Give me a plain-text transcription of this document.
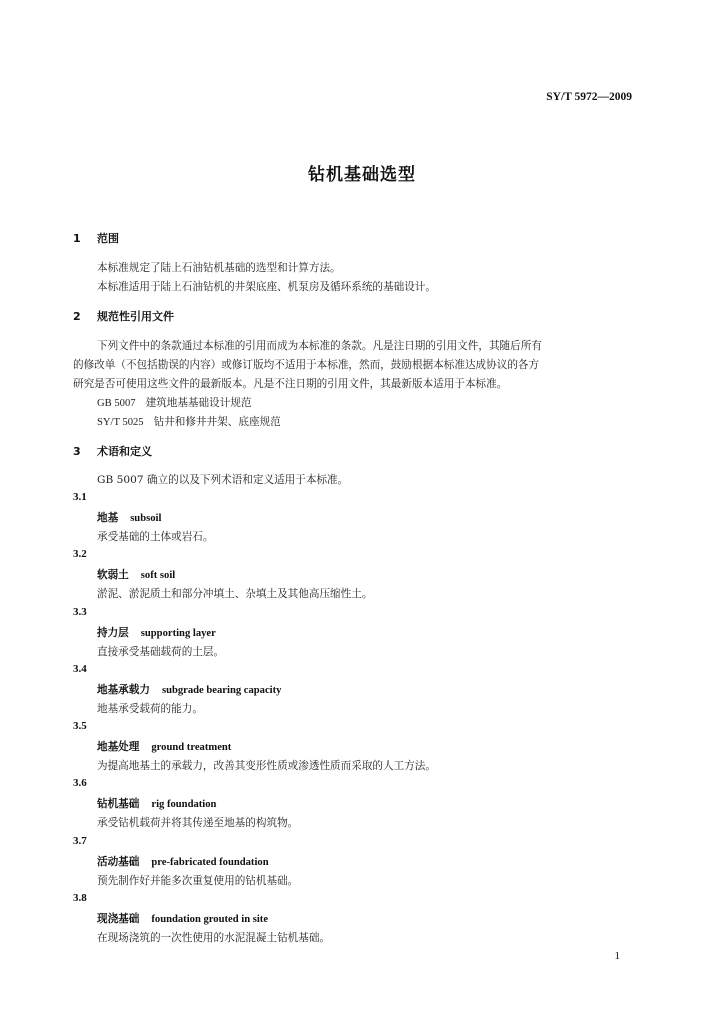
SY/T 5972—2009
钻机基础选型
1 范围
本标准规定了陆上石油钻机基础的选型和计算方法。
本标准适用于陆上石油钻机的井架底座、机泵房及循环系统的基础设计。
2 规范性引用文件
下列文件中的条款通过本标准的引用而成为本标准的条款。凡是注日期的引用文件，其随后所有
的修改单（不包括勘误的内容）或修订版均不适用于本标准，然而，鼓励根据本标准达成协议的各方
研究是否可使用这些文件的最新版本。凡是不注日期的引用文件，其最新版本适用于本标准。
GB 5007 建筑地基基础设计规范
SY/T 5025 钻井和修井井架、底座规范
3 术语和定义
GB 5007 确立的以及下列术语和定义适用于本标准。
3.1
地基 subsoil
承受基础的土体或岩石。
3.2
软弱土 soft soil
淤泥、淤泥质土和部分冲填土、杂填土及其他高压缩性土。
3.3
持力层 supporting layer
直接承受基础载荷的土层。
3.4
地基承载力 subgrade bearing capacity
地基承受载荷的能力。
3.5
地基处理 ground treatment
为提高地基土的承载力，改善其变形性质或渗透性质而采取的人工方法。
3.6
钻机基础 rig foundation
承受钻机载荷并将其传递至地基的构筑物。
3.7
活动基础 pre-fabricated foundation
预先制作好并能多次重复使用的钻机基础。
3.8
现浇基础 foundation grouted in site
在现场浇筑的一次性使用的水泥混凝土钻机基础。
1
